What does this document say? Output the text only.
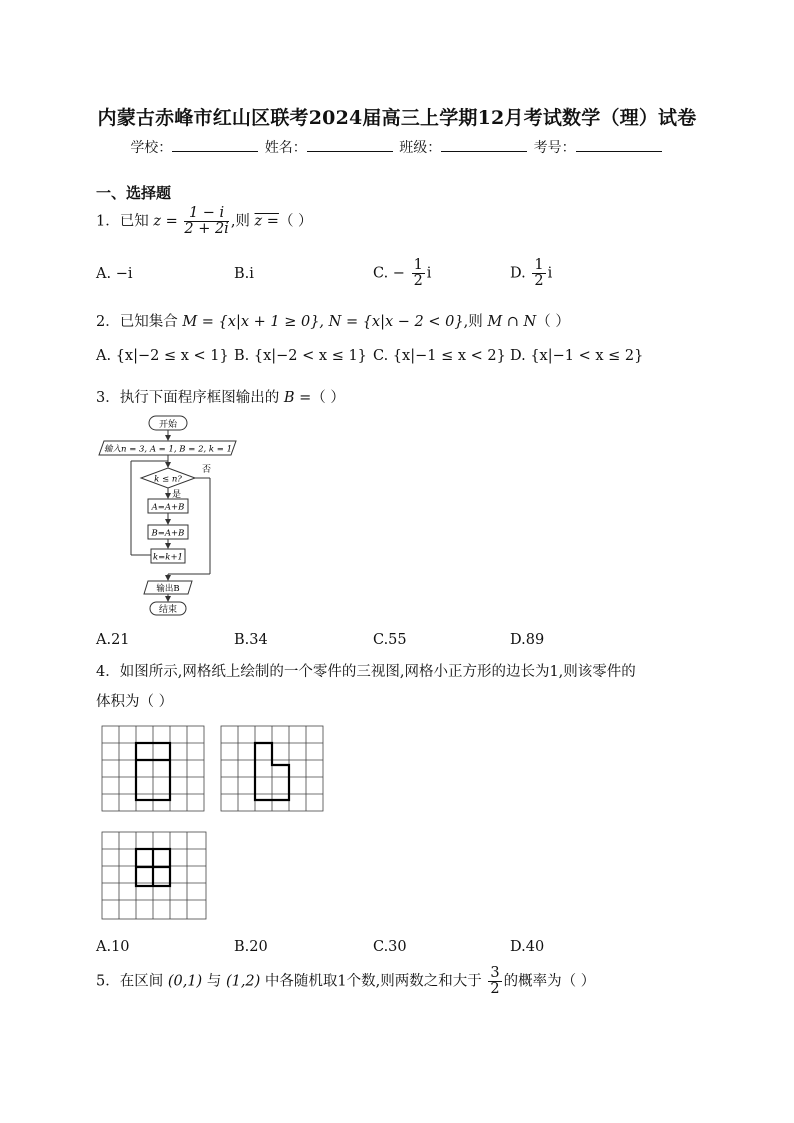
内蒙古赤峰市红山区联考2024届高三上学期12月考试数学（理）试卷
学校：	姓名：	班级：	考号：
一、选择题
1．已知 $z = \frac{1 - i}{2 + 2i}$ ,则 z =（ ）
A. −i	B.i	C. − $\frac{1}{2}$ i	D. $\frac{1}{2}$ i
2．已知集合 M = {x|x + 1 ≥ 0}, N = {x|x − 2 < 0},则 M ∩ N（ ）
A. {x|−2 ≤ x < 1} B. {x|−2 < x ≤ 1} C. {x|−1 ≤ x < 2} D. {x|−1 < x ≤ 2}
3．执行下面程序框图输出的 B =（ ）
开始
输入n = 3, A = 1, B = 2, k = 1
k ≤ n?
否
是
A=A+B
B=A+B
k=k+1
输出B
结束
A.21	B.34	C.55	D.89
4．如图所示,网格纸上绘制的一个零件的三视图,网格小正方形的边长为1,则该零件的
体积为（ ）
A.10	B.20	C.30	D.40
5．在区间 (0,1) 与 (1,2) 中各随机取1个数,则两数之和大于 $\frac{3}{2}$ 的概率为（ ）
